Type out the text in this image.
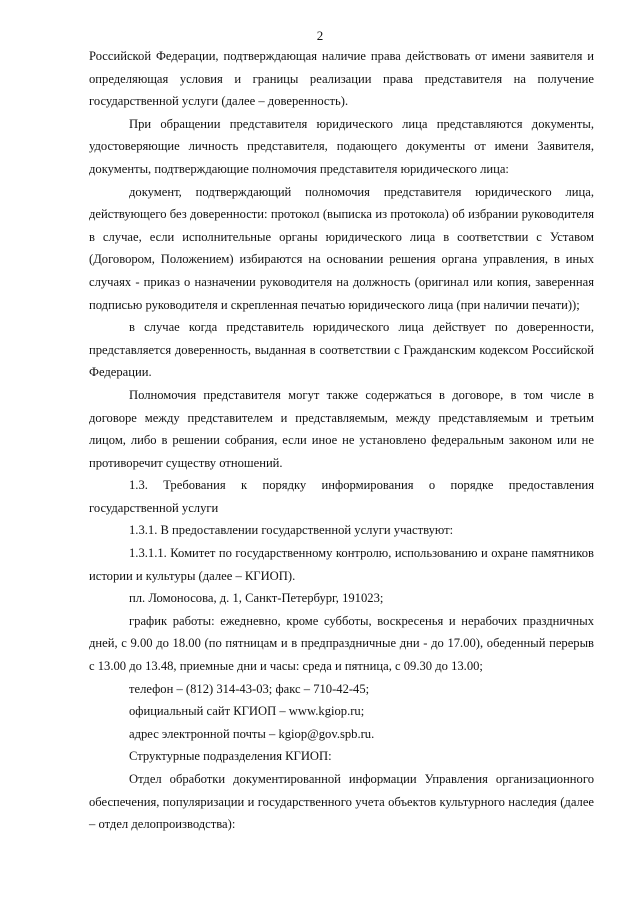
2

Российской Федерации, подтверждающая наличие права действовать от имени заявителя и определяющая условия и границы реализации права представителя на получение государственной услуги (далее – доверенность).

При обращении представителя юридического лица представляются документы, удостоверяющие личность представителя, подающего документы от имени Заявителя, документы, подтверждающие полномочия представителя юридического лица:

документ, подтверждающий полномочия представителя юридического лица, действующего без доверенности: протокол (выписка из протокола) об избрании руководителя в случае, если исполнительные органы юридического лица в соответствии с Уставом (Договором, Положением) избираются на основании решения органа управления, в иных случаях - приказ о назначении руководителя на должность (оригинал или копия, заверенная подписью руководителя и скрепленная печатью юридического лица (при наличии печати));

в случае когда представитель юридического лица действует по доверенности, представляется доверенность, выданная в соответствии с Гражданским кодексом Российской Федерации.

Полномочия представителя могут также содержаться в договоре, в том числе в договоре между представителем и представляемым, между представляемым и третьим лицом, либо в решении собрания, если иное не установлено федеральным законом или не противоречит существу отношений.

1.3. Требования к порядку информирования о порядке предоставления государственной услуги

1.3.1. В предоставлении государственной услуги участвуют:

1.3.1.1. Комитет по государственному контролю, использованию и охране памятников истории и культуры (далее – КГИОП).

пл. Ломоносова, д. 1, Санкт-Петербург, 191023;

график работы: ежедневно, кроме субботы, воскресенья и нерабочих праздничных дней, с 9.00 до 18.00 (по пятницам и в предпраздничные дни - до 17.00), обеденный перерыв с 13.00 до 13.48, приемные дни и часы: среда и пятница, с 09.30 до 13.00;

телефон – (812) 314-43-03; факс – 710-42-45;

официальный сайт КГИОП – www.kgiop.ru;

адрес электронной почты – kgiop@gov.spb.ru.

Структурные подразделения КГИОП:

Отдел обработки документированной информации Управления организационного обеспечения, популяризации и государственного учета объектов культурного наследия (далее – отдел делопроизводства):
